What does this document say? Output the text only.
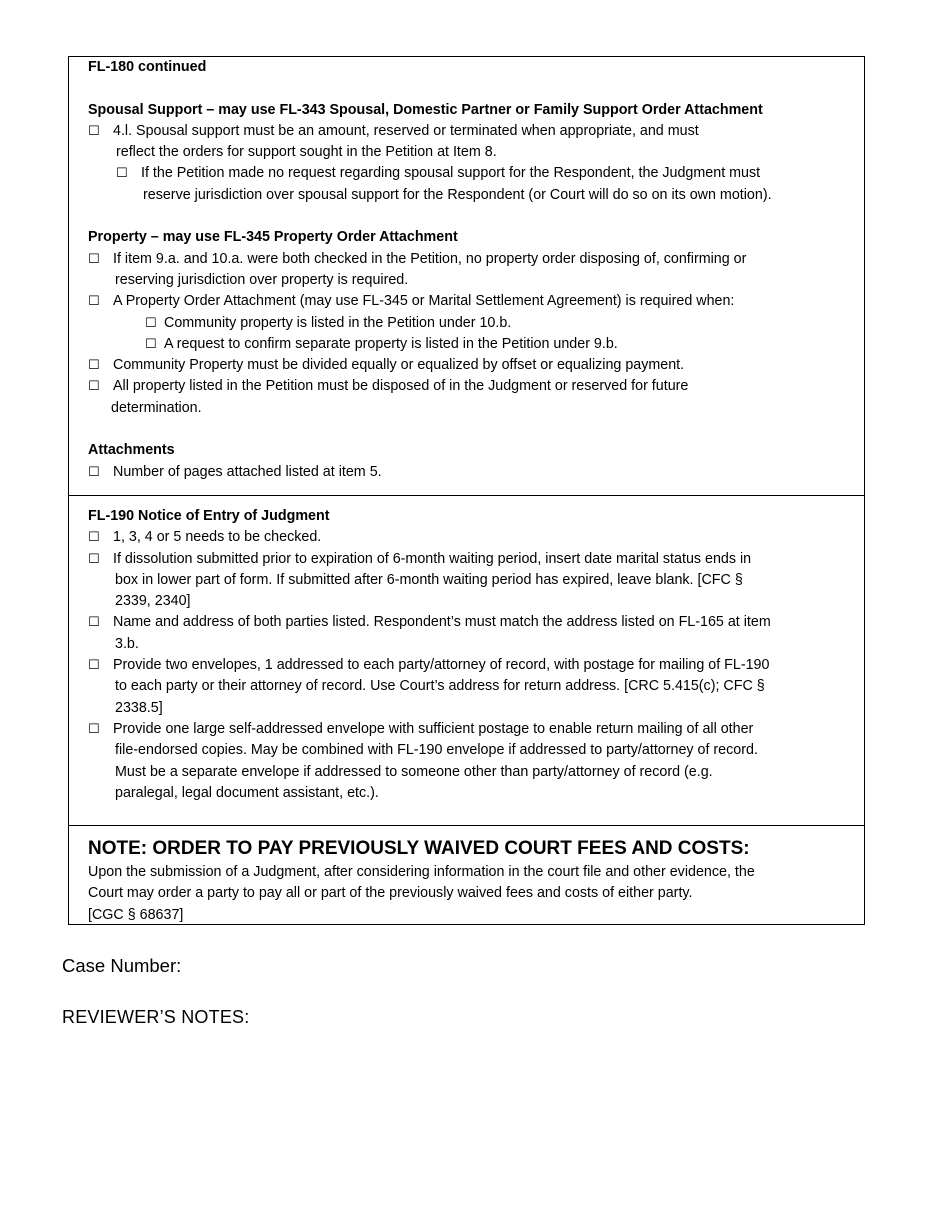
FL-180 continued
Spousal Support – may use FL-343 Spousal, Domestic Partner or Family Support Order Attachment
☐ 4.l. Spousal support must be an amount, reserved or terminated when appropriate, and must
reflect the orders for support sought in the Petition at Item 8.
☐ If the Petition made no request regarding spousal support for the Respondent, the Judgment must
reserve jurisdiction over spousal support for the Respondent (or Court will do so on its own motion).
Property – may use FL-345 Property Order Attachment
☐ If item 9.a. and 10.a. were both checked in the Petition, no property order disposing of, confirming or
reserving jurisdiction over property is required.
☐ A Property Order Attachment (may use FL-345 or Marital Settlement Agreement) is required when:
☐ Community property is listed in the Petition under 10.b.
☐ A request to confirm separate property is listed in the Petition under 9.b.
☐ Community Property must be divided equally or equalized by offset or equalizing payment.
☐ All property listed in the Petition must be disposed of in the Judgment or reserved for future
determination.
Attachments
☐ Number of pages attached listed at item 5.
FL-190 Notice of Entry of Judgment
☐ 1, 3, 4 or 5 needs to be checked.
☐ If dissolution submitted prior to expiration of 6-month waiting period, insert date marital status ends in
box in lower part of form. If submitted after 6-month waiting period has expired, leave blank. [CFC §
2339, 2340]
☐ Name and address of both parties listed. Respondent’s must match the address listed on FL-165 at item
3.b.
☐ Provide two envelopes, 1 addressed to each party/attorney of record, with postage for mailing of FL-190
to each party or their attorney of record. Use Court’s address for return address. [CRC 5.415(c); CFC §
2338.5]
☐ Provide one large self-addressed envelope with sufficient postage to enable return mailing of all other
file-endorsed copies. May be combined with FL-190 envelope if addressed to party/attorney of record.
Must be a separate envelope if addressed to someone other than party/attorney of record (e.g.
paralegal, legal document assistant, etc.).
NOTE: ORDER TO PAY PREVIOUSLY WAIVED COURT FEES AND COSTS:
Upon the submission of a Judgment, after considering information in the court file and other evidence, the
Court may order a party to pay all or part of the previously waived fees and costs of either party.
[CGC § 68637]
Case Number:
REVIEWER’S NOTES:
